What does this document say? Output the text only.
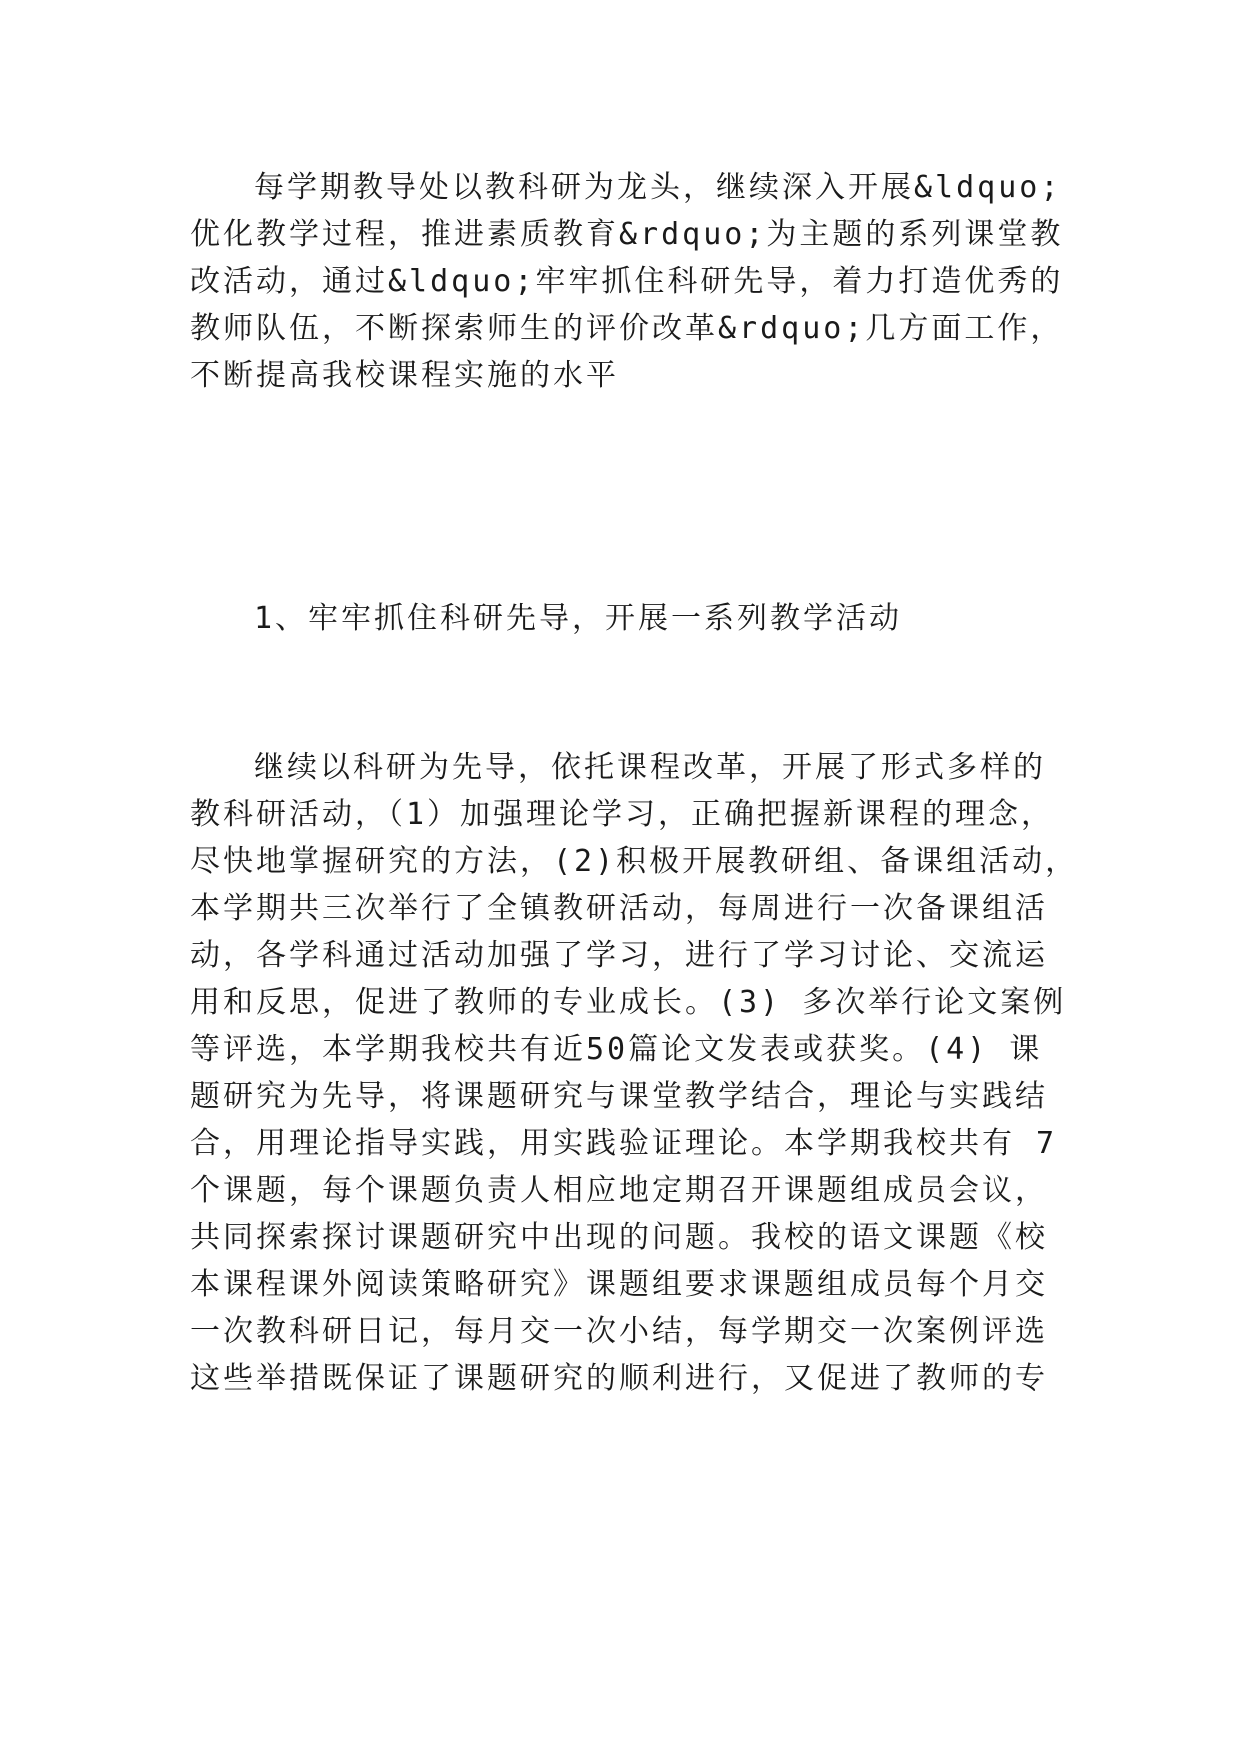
每学期教导处以教科研为龙头，继续深入开展&ldquo;
优化教学过程，推进素质教育&rdquo;为主题的系列课堂教
改活动，通过&ldquo;牢牢抓住科研先导，着力打造优秀的
教师队伍，不断探索师生的评价改革&rdquo;几方面工作，
不断提高我校课程实施的水平
1、牢牢抓住科研先导，开展一系列教学活动
继续以科研为先导，依托课程改革，开展了形式多样的
教科研活动，（1）加强理论学习，正确把握新课程的理念，
尽快地掌握研究的方法，(2)积极开展教研组、备课组活动，
本学期共三次举行了全镇教研活动，每周进行一次备课组活
动，各学科通过活动加强了学习，进行了学习讨论、交流运
用和反思，促进了教师的专业成长。(3) 多次举行论文案例
等评选，本学期我校共有近50篇论文发表或获奖。(4) 课
题研究为先导，将课题研究与课堂教学结合，理论与实践结
合，用理论指导实践，用实践验证理论。本学期我校共有 7
个课题，每个课题负责人相应地定期召开课题组成员会议，
共同探索探讨课题研究中出现的问题。我校的语文课题《校
本课程课外阅读策略研究》课题组要求课题组成员每个月交
一次教科研日记，每月交一次小结，每学期交一次案例评选
这些举措既保证了课题研究的顺利进行，又促进了教师的专
